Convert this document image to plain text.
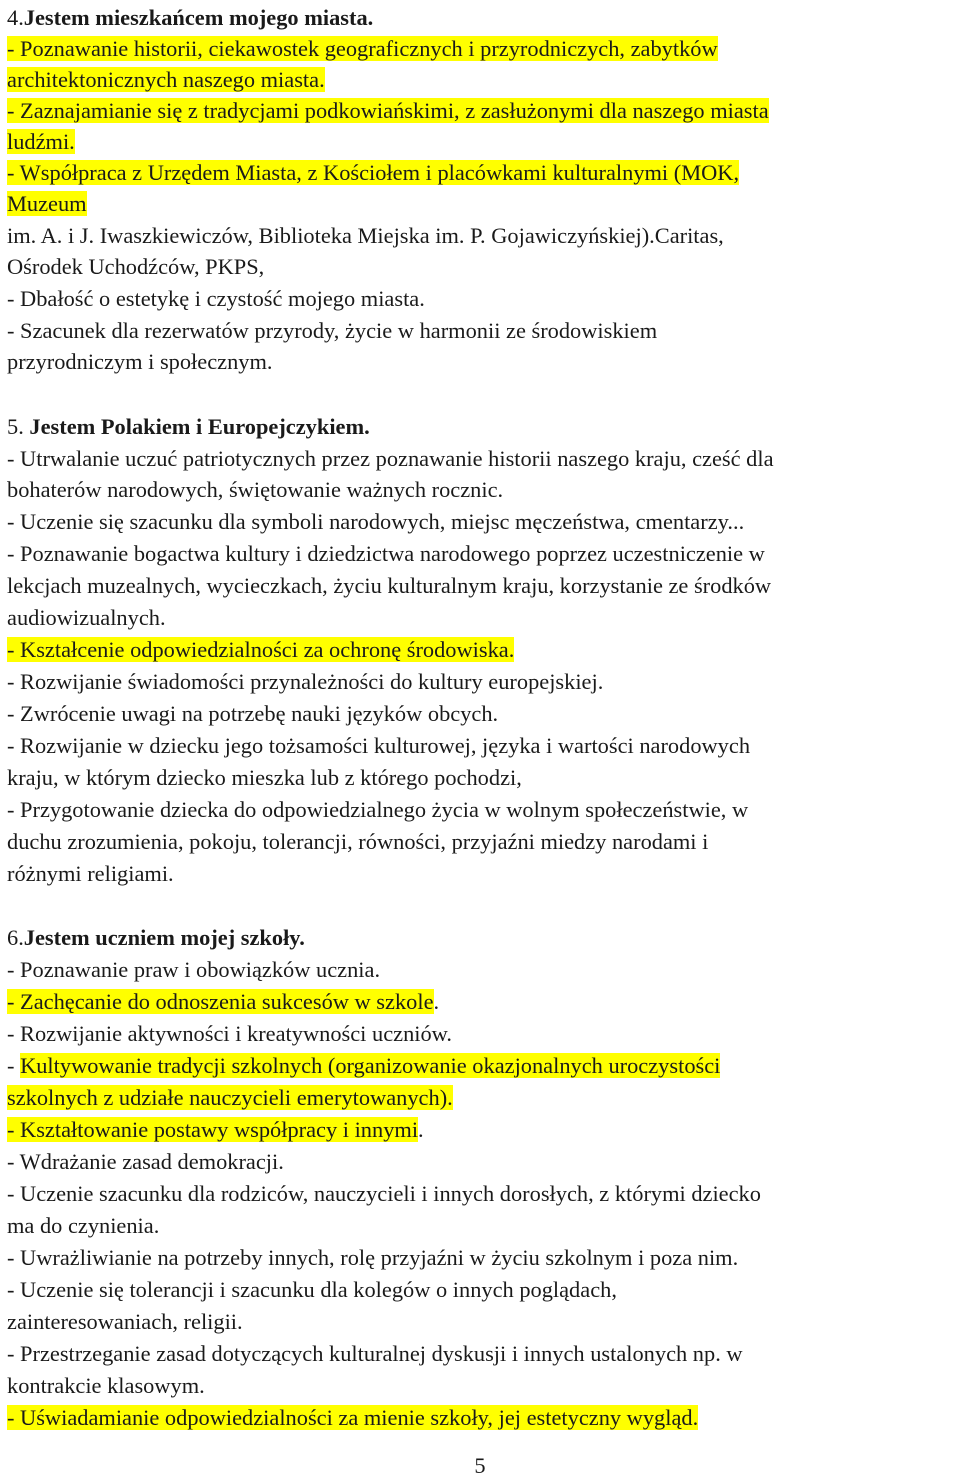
4.Jestem mieszkańcem mojego miasta.
- Poznawanie historii, ciekawostek geograficznych i przyrodniczych, zabytków
architektonicznych naszego miasta.
- Zaznajamianie się z tradycjami podkowiańskimi, z zasłużonymi dla naszego miasta
ludźmi.
- Współpraca z Urzędem Miasta, z Kościołem i placówkami kulturalnymi (MOK,
Muzeum
im. A. i J. Iwaszkiewiczów, Biblioteka Miejska im. P. Gojawiczyńskiej).Caritas,
Ośrodek Uchodźców, PKPS,
- Dbałość o estetykę i czystość mojego miasta.
- Szacunek dla rezerwatów przyrody, życie w harmonii ze środowiskiem
przyrodniczym i społecznym.
5. Jestem Polakiem i Europejczykiem.
- Utrwalanie uczuć patriotycznych przez poznawanie historii naszego kraju, cześć dla
bohaterów narodowych, świętowanie ważnych rocznic.
- Uczenie się szacunku dla symboli narodowych, miejsc męczeństwa, cmentarzy...
- Poznawanie bogactwa kultury i dziedzictwa narodowego poprzez uczestniczenie w
lekcjach muzealnych, wycieczkach, życiu kulturalnym kraju, korzystanie ze środków
audiowizualnych.
- Kształcenie odpowiedzialności za ochronę środowiska.
- Rozwijanie świadomości przynależności do kultury europejskiej.
- Zwrócenie uwagi na potrzebę nauki języków obcych.
- Rozwijanie w dziecku jego tożsamości kulturowej, języka i wartości narodowych
kraju, w którym dziecko mieszka lub z którego pochodzi,
- Przygotowanie dziecka do odpowiedzialnego życia w wolnym społeczeństwie, w
duchu zrozumienia, pokoju, tolerancji, równości, przyjaźni miedzy narodami i
różnymi religiami.
6.Jestem uczniem mojej szkoły.
- Poznawanie praw i obowiązków ucznia.
- Zachęcanie do odnoszenia sukcesów w szkole.
- Rozwijanie aktywności i kreatywności uczniów.
- Kultywowanie tradycji szkolnych (organizowanie okazjonalnych uroczystości
szkolnych z udziałe nauczycieli emerytowanych).
- Kształtowanie postawy współpracy i innymi.
- Wdrażanie zasad demokracji.
- Uczenie szacunku dla rodziców, nauczycieli i innych dorosłych, z którymi dziecko
ma do czynienia.
- Uwrażliwianie na potrzeby innych, rolę przyjaźni w życiu szkolnym i poza nim.
- Uczenie się tolerancji i szacunku dla kolegów o innych poglądach,
zainteresowaniach, religii.
- Przestrzeganie zasad dotyczących kulturalnej dyskusji i innych ustalonych np. w
kontrakcie klasowym.
- Uświadamianie odpowiedzialności za mienie szkoły, jej estetyczny wygląd.
5
